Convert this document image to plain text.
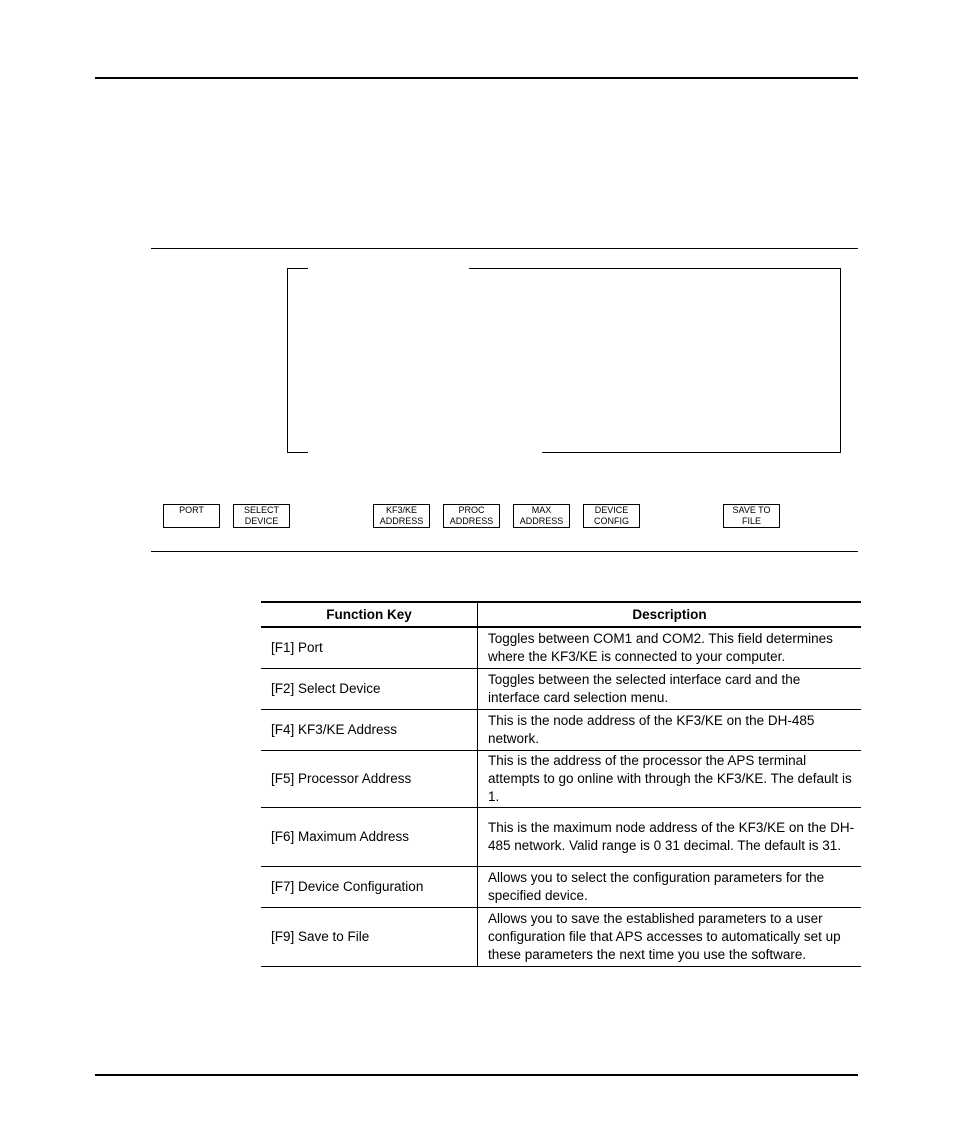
PORT	SELECT
DEVICE
KF3/KE
ADDRESS
PROC
ADDRESS
MAX
ADDRESS
DEVICE
CONFIG
SAVE TO
FILE
Function Key	Description
[F1] Port	Toggles between COM1 and COM2. This field determines where the KF3/KE is connected to your computer.
[F2] Select Device	Toggles between the selected interface card and the interface card selection menu.
[F4] KF3/KE Address	This is the node address of the KF3/KE on the DH-485 network.
[F5] Processor Address	This is the address of the processor the APS terminal attempts to go online with through the KF3/KE. The default is 1.
[F6] Maximum Address	This is the maximum node address of the KF3/KE on the DH-485 network. Valid range is 0 31 decimal. The default is 31.
[F7] Device Configuration	Allows you to select the configuration parameters for the specified device.
[F9] Save to File	Allows you to save the established parameters to a user configuration file that APS accesses to automatically set up these parameters the next time you use the software.
